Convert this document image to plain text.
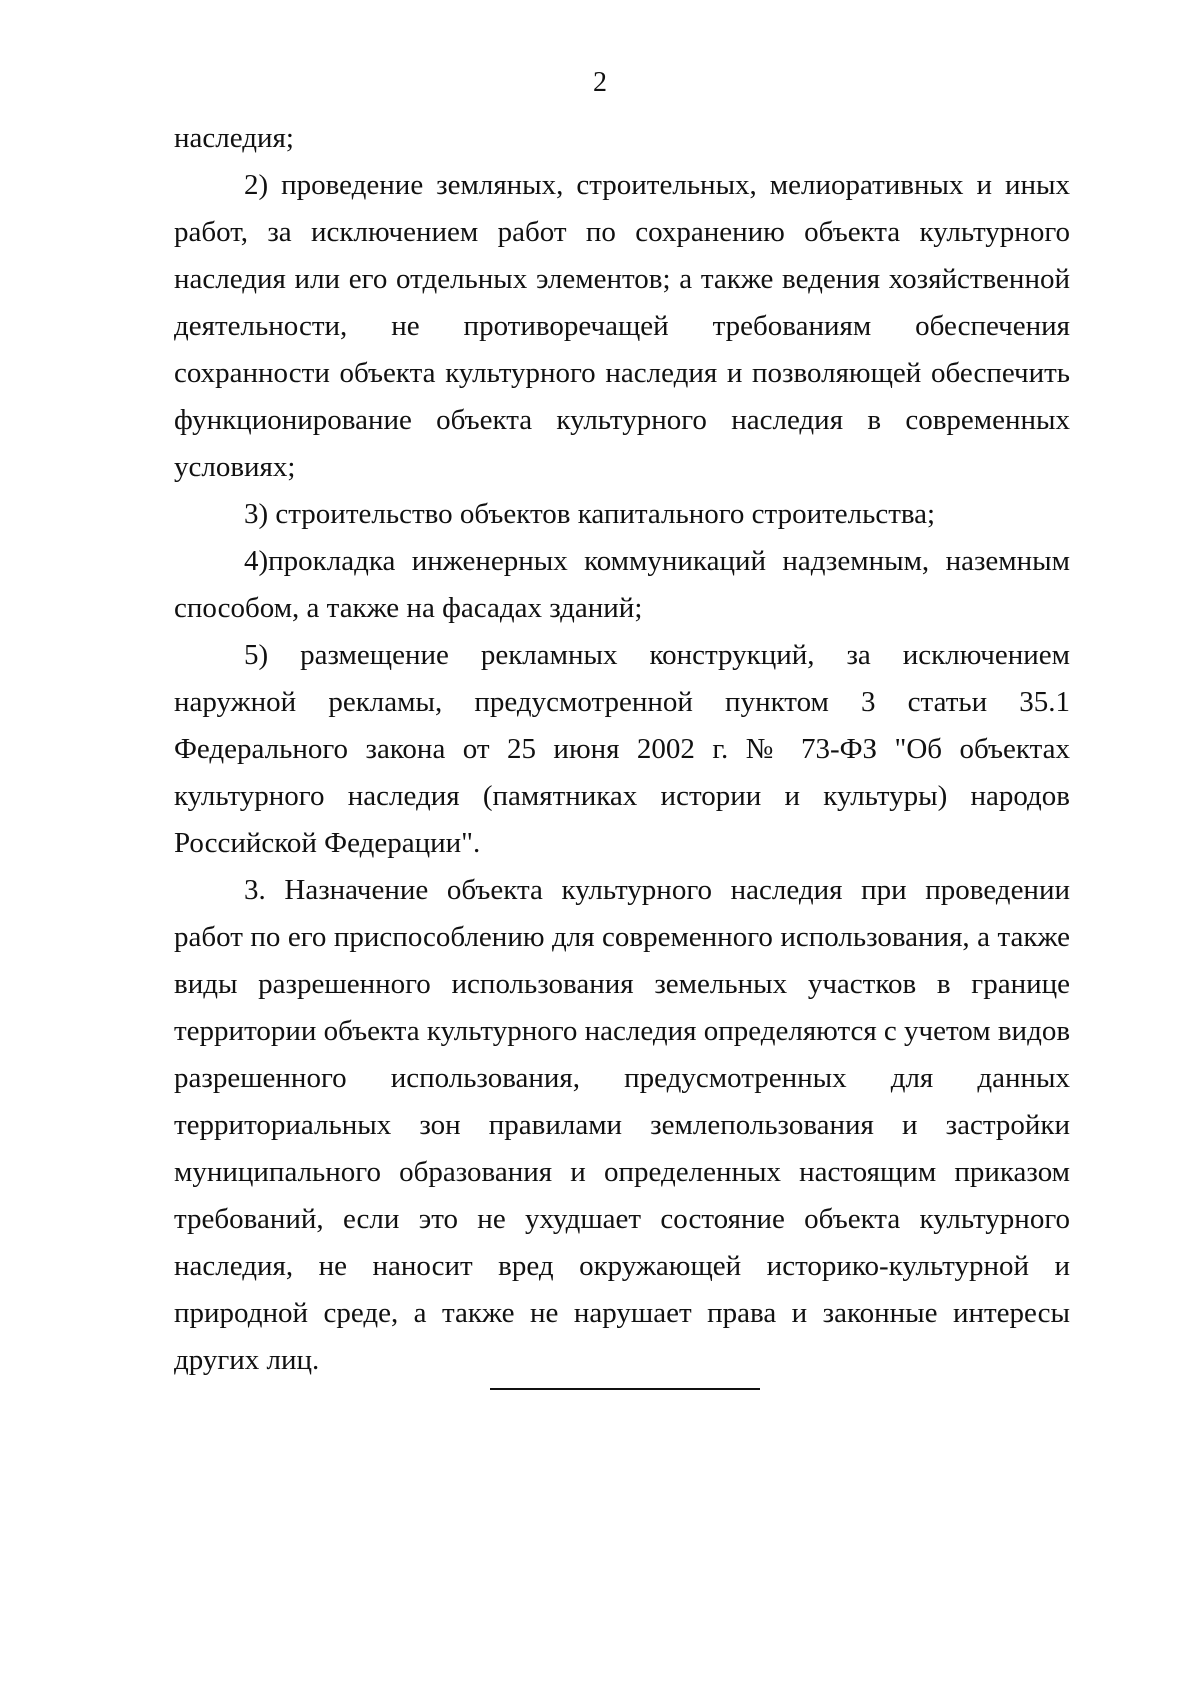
2

наследия;

2) проведение земляных, строительных, мелиоративных и иных работ, за исключением работ по сохранению объекта культурного наследия или его отдельных элементов; а также ведения хозяйственной деятельности, не противоречащей требованиям обеспечения сохранности объекта культурного наследия и позволяющей обеспечить функционирование объекта культурного наследия в современных условиях;

3) строительство объектов капитального строительства;

4)прокладка инженерных коммуникаций надземным, наземным способом, а также на фасадах зданий;

5) размещение рекламных конструкций, за исключением наружной рекламы, предусмотренной пунктом 3 статьи 35.1 Федерального закона от 25 июня 2002 г. № 73-ФЗ "Об объектах культурного наследия (памятниках истории и культуры) народов Российской Федерации".

3. Назначение объекта культурного наследия при проведении работ по его приспособлению для современного использования, а также виды разрешенного использования земельных участков в границе территории объекта культурного наследия определяются с учетом видов разрешенного использования, предусмотренных для данных территориальных зон правилами землепользования и застройки муниципального образования и определенных настоящим приказом требований, если это не ухудшает состояние объекта культурного наследия, не наносит вред окружающей историко-культурной и природной среде, а также не нарушает права и законные интересы других лиц.
